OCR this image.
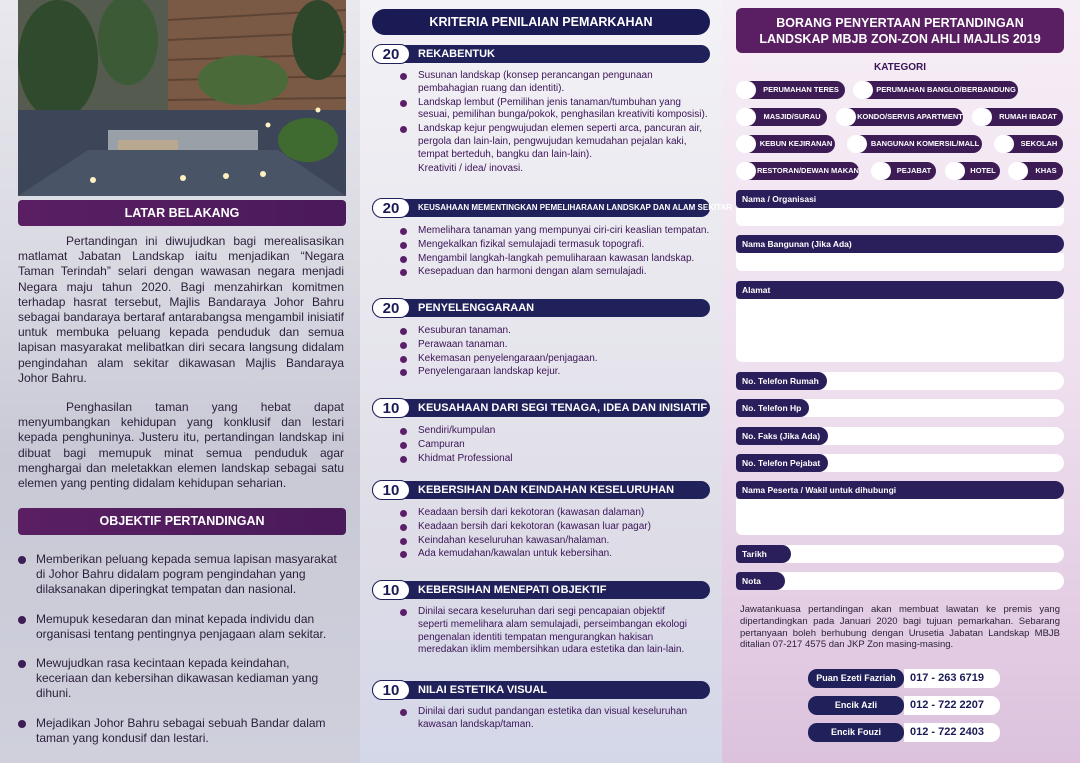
LATAR BELAKANG

Pertandingan ini diwujudkan bagi merealisasikan matlamat Jabatan Landskap iaitu menjadikan “Negara Taman Terindah” selari dengan wawasan negara menjadi Negara maju tahun 2020. Bagi menzahirkan komitmen terhadap hasrat tersebut, Majlis Bandaraya Johor Bahru sebagai bandaraya bertaraf antarabangsa mengambil inisiatif untuk membuka peluang kepada penduduk dan semua lapisan masyarakat melibatkan diri secara langsung didalam pengindahan alam sekitar dikawasan Majlis Bandaraya Johor Bahru.

Penghasilan taman yang hebat dapat menyumbangkan kehidupan yang konklusif dan lestari kepada penghuninya. Justeru itu, pertandingan landskap ini dibuat bagi memupuk minat semua penduduk agar menghargai dan meletakkan elemen landskap sebagai satu elemen yang penting didalam kehidupan seharian.

OBJEKTIF PERTANDINGAN
Memberikan peluang kepada semua lapisan masyarakat di Johor Bahru didalam pogram pengindahan yang dilaksanakan diperingkat tempatan dan nasional.
Memupuk kesedaran dan minat kepada individu dan organisasi tentang pentingnya penjagaan alam sekitar.
Mewujudkan rasa kecintaan kepada keindahan, keceriaan dan kebersihan dikawasan kediaman yang dihuni.
Mejadikan Johor Bahru sebagai sebuah Bandar dalam taman yang kondusif dan lestari.
KRITERIA PENILAIAN PEMARKAHAN
20	REKABENTUK
Susunan landskap (konsep perancangan pengunaan pembahagian ruang dan identiti).
Landskap lembut (Pemilihan jenis tanaman/tumbuhan yang sesuai, pemilihan bunga/pokok, penghasilan kreativiti komposisi).
Landskap kejur pengwujudan elemen seperti arca, pancuran air, pergola dan lain-lain, pengwujudan kemudahan pejalan kaki, tempat berteduh, bangku dan lain-lain).
Kreativiti / idea/ inovasi.
20	KEUSAHAAN MEMENTINGKAN PEMELIHARAAN LANDSKAP DAN ALAM SEKITAR
Memelihara tanaman yang mempunyai ciri-ciri keaslian tempatan.
Mengekalkan fizikal semulajadi termasuk topografi.
Mengambil langkah-langkah pemuliharaan kawasan landskap.
Kesepaduan dan harmoni dengan alam semulajadi.
20	PENYELENGGARAAN
Kesuburan tanaman.
Perawaan tanaman.
Kekemasan penyelengaraan/penjagaan.
Penyelengaraan landskap kejur.
10	KEUSAHAAN DARI SEGI TENAGA, IDEA DAN INISIATIF
Sendiri/kumpulan
Campuran
Khidmat Professional
10	KEBERSIHAN DAN KEINDAHAN KESELURUHAN
Keadaan bersih dari kekotoran (kawasan dalaman)
Keadaan bersih dari kekotoran (kawasan luar pagar)
Keindahan keseluruhan kawasan/halaman.
Ada kemudahan/kawalan untuk kebersihan.
10	KEBERSIHAN MENEPATI OBJEKTIF
Dinilai secara keseluruhan dari segi pencapaian objektif seperti memelihara alam semulajadi, perseimbangan ekologi pengenalan identiti tempatan mengurangkan hakisan meredakan iklim membersihkan udara estetika dan lain-lain.
10	NILAI ESTETIKA VISUAL
Dinilai dari sudut pandangan estetika dan visual keseluruhan kawasan landskap/taman.
BORANG PENYERTAAN PERTANDINGAN
LANDSKAP MBJB ZON-ZON AHLI MAJLIS 2019
KATEGORI
PERUMAHAN TERES	PERUMAHAN BANGLO/BERBANDUNG
MASJID/SURAU	KONDO/SERVIS APARTMENT	RUMAH IBADAT
KEBUN KEJIRANAN	BANGUNAN KOMERSIL/MALL	SEKOLAH
RESTORAN/DEWAN MAKAN	PEJABAT	HOTEL	KHAS
Nama / Organisasi
Nama Bangunan (Jika Ada)
Alamat
No. Telefon Rumah
No. Telefon Hp
No. Faks (Jika Ada)
No. Telefon Pejabat
Nama Peserta / Wakil untuk dihubungi
Tarikh
Nota
Jawatankuasa pertandingan akan membuat lawatan ke premis yang dipertandingkan pada Januari 2020 bagi tujuan pemarkahan. Sebarang pertanyaan boleh berhubung dengan Urusetia Jabatan Landskap MBJB ditalian 07-217 4575 dan JKP Zon masing-masing.
Puan Ezeti Fazriah	017 - 263 6719
Encik Azli	012 - 722 2207
Encik Fouzi	012 - 722 2403
